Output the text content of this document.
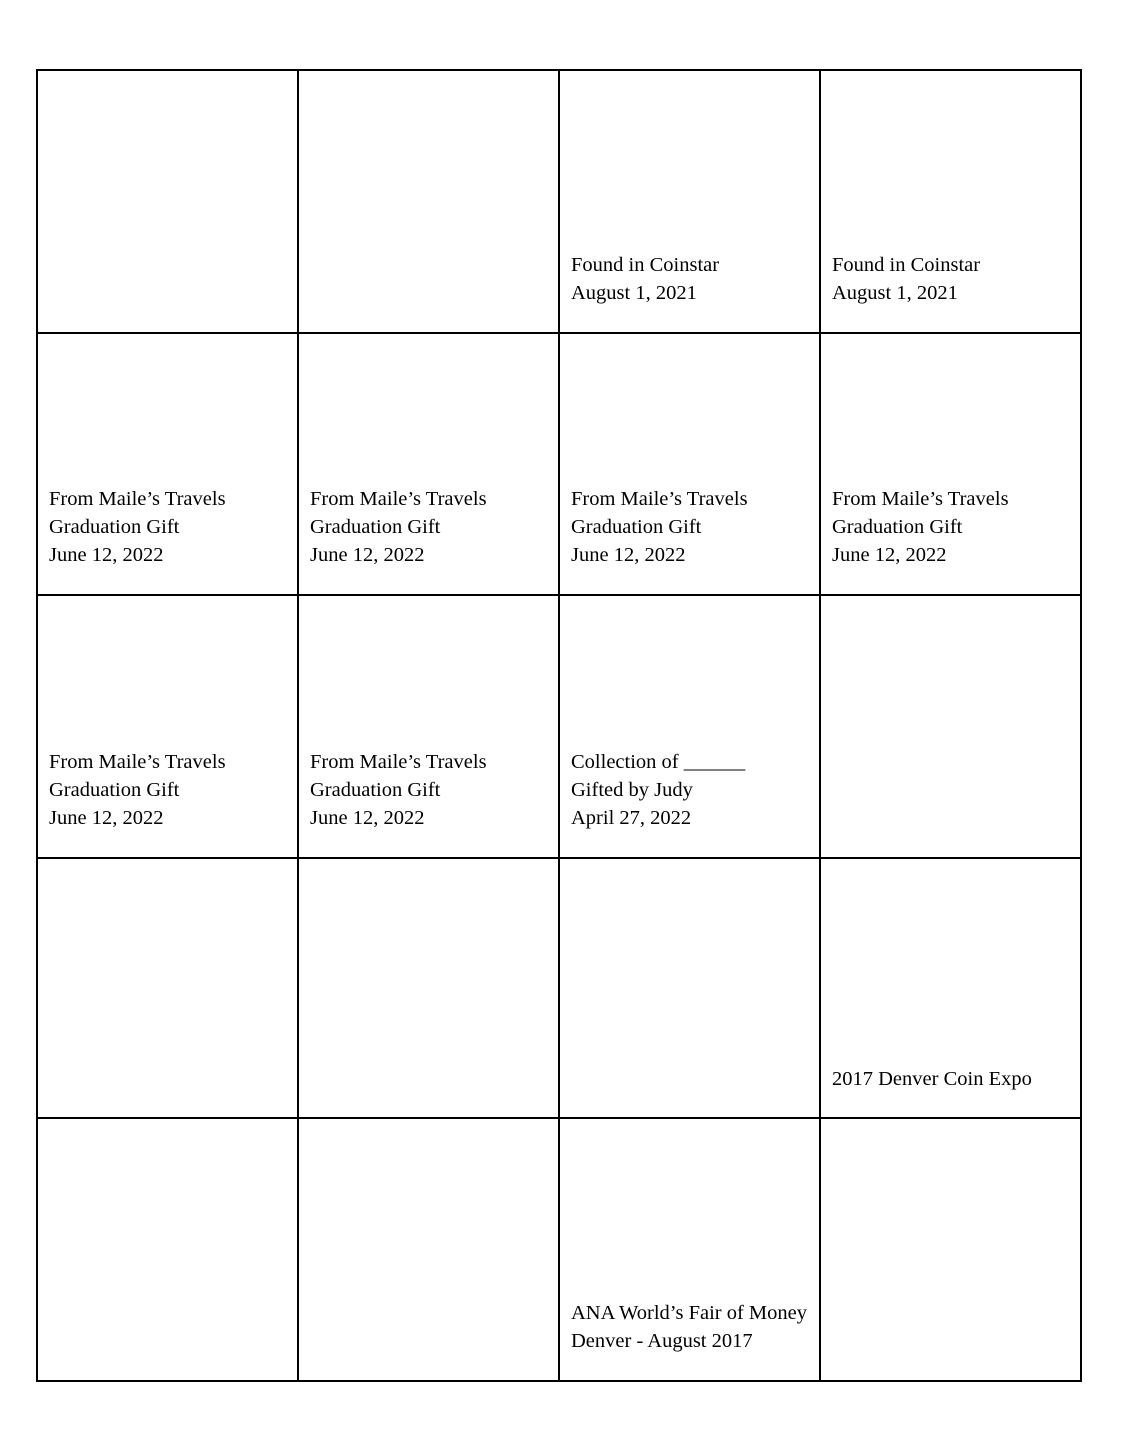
		Found in Coinstar
August 1, 2021	Found in Coinstar
August 1, 2021

From Maile’s Travels
Graduation Gift
June 12, 2022	From Maile’s Travels
Graduation Gift
June 12, 2022	From Maile’s Travels
Graduation Gift
June 12, 2022	From Maile’s Travels
Graduation Gift
June 12, 2022

From Maile’s Travels
Graduation Gift
June 12, 2022	From Maile’s Travels
Graduation Gift
June 12, 2022	Collection of ______
Gifted by Judy
April 27, 2022	

			2017 Denver Coin Expo

		ANA World’s Fair of Money
Denver - August 2017	
